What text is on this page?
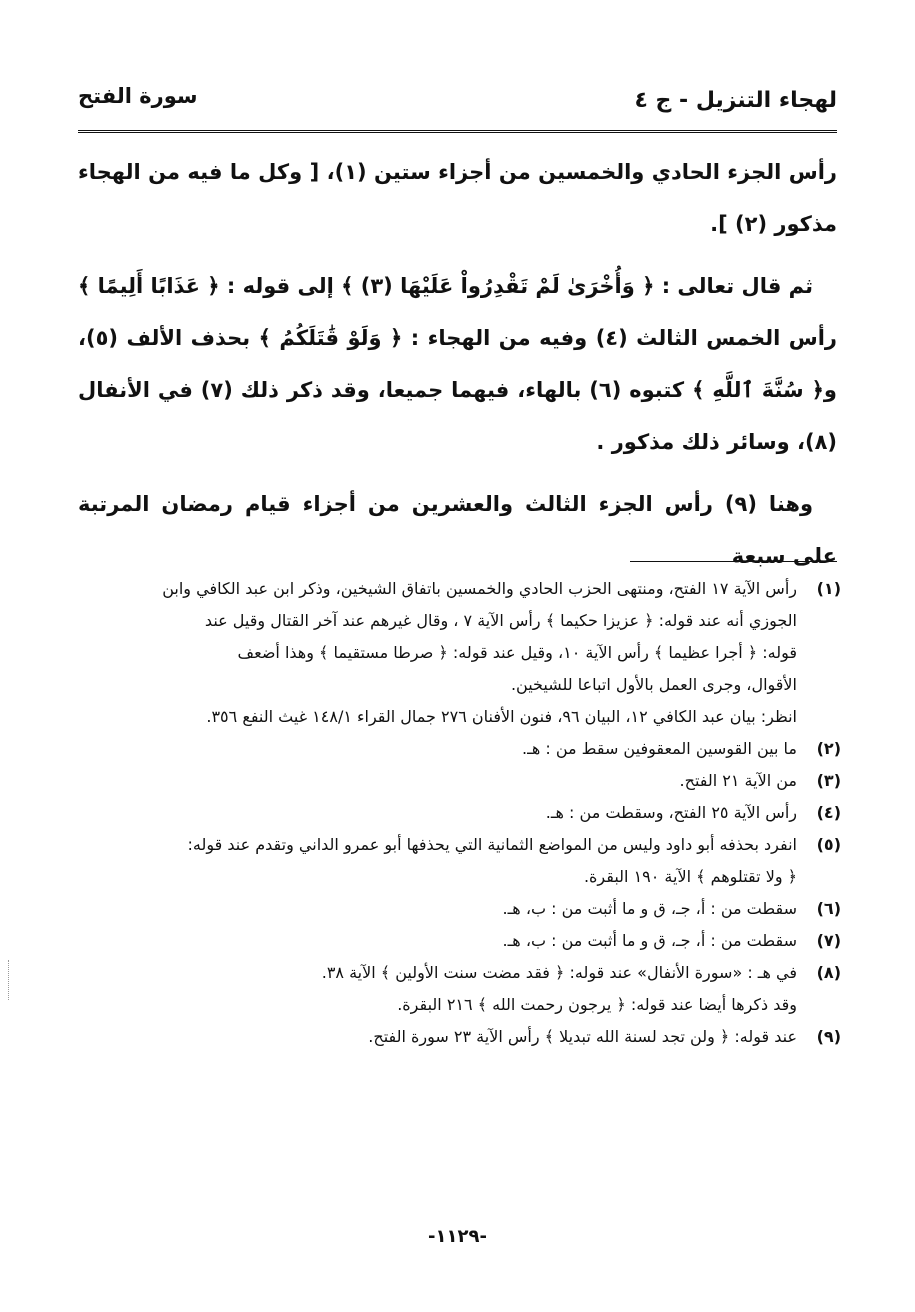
لهجاء التنزيل - ج ٤
سورة الفتح

رأس الجزء الحادي والخمسين من أجزاء ستين (١)، [ وكل ما فيه من الهجاء مذكور (٢) ].

ثم قال تعالى : ﴿ وَأُخْرَىٰ لَمْ تَقْدِرُواْ عَلَيْهَا (٣) ﴾ إلى قوله : ﴿ عَذَابًا أَلِيمًا ﴾ رأس الخمس الثالث (٤) وفيه من الهجاء : ﴿ وَلَوْ قَٰتَلَكُمُ ﴾ بحذف الألف (٥)، و﴿ سُنَّةَ ٱللَّهِ ﴾ كتبوه (٦) بالهاء، فيهما جميعا، وقد ذكر ذلك (٧) في الأنفال (٨)، وسائر ذلك مذكور .

وهنا (٩) رأس الجزء الثالث والعشرين من أجزاء قيام رمضان المرتبة على سبعة

(١)
رأس الآية ١٧ الفتح، ومنتهى الحزب الحادي والخمسين باتفاق الشيخين، وذكر ابن عبد الكافي وابن
الجوزي أنه عند قوله: ﴿ عزيزا حكيما ﴾ رأس الآية ٧ ، وقال غيرهم عند آخر القتال وقيل عند
قوله: ﴿ أجرا عظيما ﴾ رأس الآية ١٠، وقيل عند قوله: ﴿ صرطا مستقيما ﴾ وهذا أضعف
الأقوال، وجرى العمل بالأول اتباعا للشيخين.
انظر: بيان عبد الكافي ١٢، البيان ٩٦، فنون الأفنان ٢٧٦ جمال القراء ١٤٨/١ غيث النفع ٣٥٦.
(٢)
ما بين القوسين المعقوفين سقط من : هـ.
(٣)
من الآية ٢١ الفتح.
(٤)
رأس الآية ٢٥ الفتح، وسقطت من : هـ.
(٥)
انفرد بحذفه أبو داود وليس من المواضع الثمانية التي يحذفها أبو عمرو الداني وتقدم عند قوله:
﴿ ولا تقتلوهم ﴾ الآية ١٩٠ البقرة.
(٦)
سقطت من : أ، جـ، ق و ما أثبت من : ب، هـ.
(٧)
سقطت من : أ، جـ، ق و ما أثبت من : ب، هـ.
(٨)
في هـ : «سورة الأنفال» عند قوله: ﴿ فقد مضت سنت الأولين ﴾ الآية ٣٨.
وقد ذكرها أيضا عند قوله: ﴿ يرجون رحمت الله ﴾ ٢١٦ البقرة.
(٩)
عند قوله: ﴿ ولن تجد لسنة الله تبديلا ﴾ رأس الآية ٢٣ سورة الفتح.
-١١٢٩-
